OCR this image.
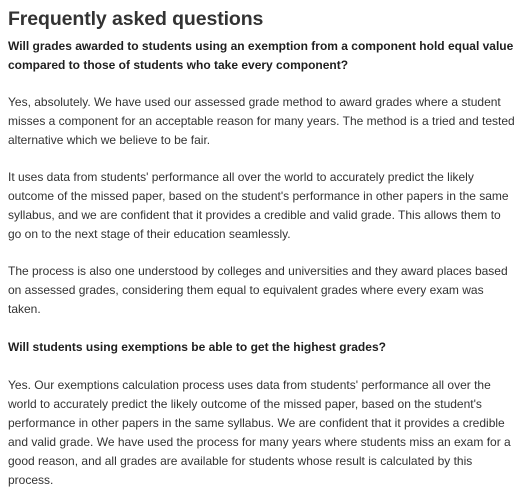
Frequently asked questions

Will grades awarded to students using an exemption from a component hold equal value compared to those of students who take every component?

Yes, absolutely. We have used our assessed grade method to award grades where a student misses a component for an acceptable reason for many years. The method is a tried and tested alternative which we believe to be fair.

It uses data from students' performance all over the world to accurately predict the likely outcome of the missed paper, based on the student's performance in other papers in the same syllabus, and we are confident that it provides a credible and valid grade. This allows them to go on to the next stage of their education seamlessly.

The process is also one understood by colleges and universities and they award places based on assessed grades, considering them equal to equivalent grades where every exam was taken.

Will students using exemptions be able to get the highest grades?

Yes. Our exemptions calculation process uses data from students' performance all over the world to accurately predict the likely outcome of the missed paper, based on the student's performance in other papers in the same syllabus. We are confident that it provides a credible and valid grade. We have used the process for many years where students miss an exam for a good reason, and all grades are available for students whose result is calculated by this process.
